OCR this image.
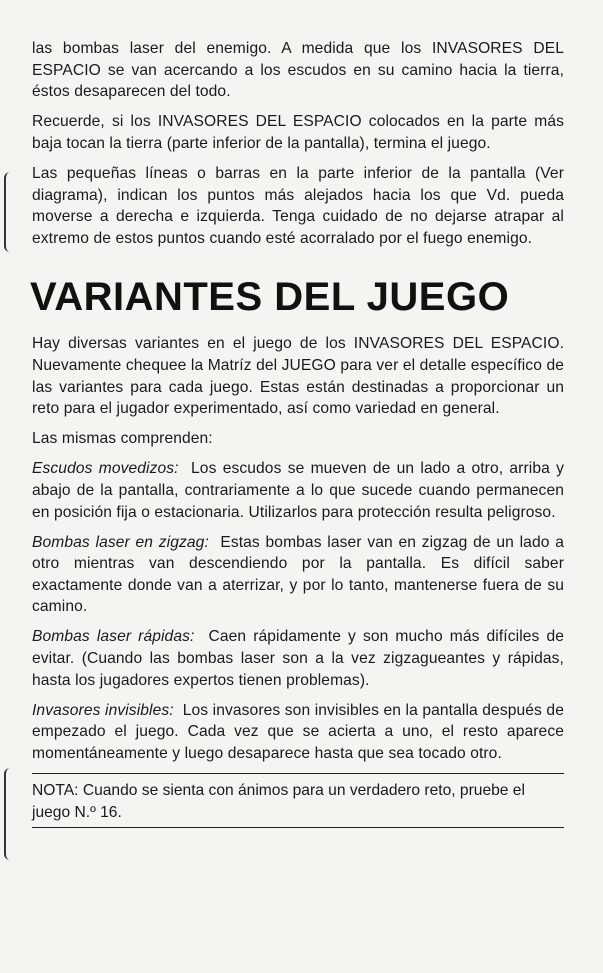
las bombas laser del enemigo. A medida que los INVASORES DEL ESPACIO se van acercando a los escudos en su camino hacia la tierra, éstos desaparecen del todo.

Recuerde, si los INVASORES DEL ESPACIO colocados en la parte más baja tocan la tierra (parte inferior de la pantalla), termina el juego.

Las pequeñas líneas o barras en la parte inferior de la pantalla (Ver diagrama), indican los puntos más alejados hacia los que Vd. pueda moverse a derecha e izquierda. Tenga cuidado de no dejarse atrapar al extremo de estos puntos cuando esté acorralado por el fuego enemigo.

VARIANTES DEL JUEGO

Hay diversas variantes en el juego de los INVASORES DEL ESPACIO. Nuevamente chequee la Matríz del JUEGO para ver el detalle específico de las variantes para cada juego. Estas están destinadas a proporcionar un reto para el jugador experimentado, así como variedad en general.

Las mismas comprenden:

Escudos movedizos: Los escudos se mueven de un lado a otro, arriba y abajo de la pantalla, contrariamente a lo que sucede cuando permanecen en posición fija o estacionaria. Utilizarlos para protección resulta peligroso.

Bombas laser en zigzag: Estas bombas laser van en zigzag de un lado a otro mientras van descendiendo por la pantalla. Es difícil saber exactamente donde van a aterrizar, y por lo tanto, mantenerse fuera de su camino.

Bombas laser rápidas: Caen rápidamente y son mucho más difíciles de evitar. (Cuando las bombas laser son a la vez zigzagueantes y rápidas, hasta los jugadores expertos tienen problemas).

Invasores invisibles: Los invasores son invisibles en la pantalla después de empezado el juego. Cada vez que se acierta a uno, el resto aparece momentáneamente y luego desaparece hasta que sea tocado otro.

NOTA: Cuando se sienta con ánimos para un verdadero reto, pruebe el juego N.º 16.
